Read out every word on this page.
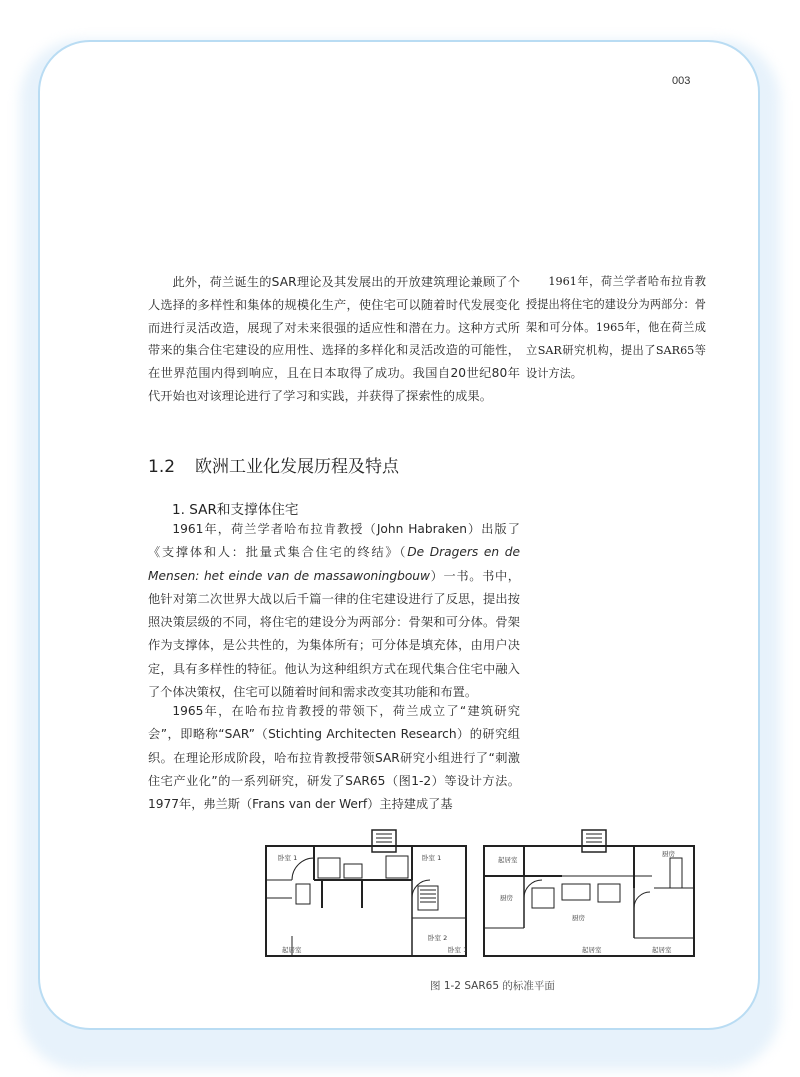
003

此外，荷兰诞生的SAR理论及其发展出的开放建筑理论兼顾了个人选择的多样性和集体的规模化生产，使住宅可以随着时代发展变化而进行灵活改造，展现了对未来很强的适应性和潜在力。这种方式所带来的集合住宅建设的应用性、选择的多样化和灵活改造的可能性，在世界范围内得到响应，且在日本取得了成功。我国自20世纪80年代开始也对该理论进行了学习和实践，并获得了探索性的成果。

1961年，荷兰学者哈布拉肯教授提出将住宅的建设分为两部分：骨架和可分体。1965年，他在荷兰成立SAR研究机构，提出了SAR65等设计方法。

1.2 欧洲工业化发展历程及特点
1. SAR和支撑体住宅

1961年，荷兰学者哈布拉肯教授（John Habraken）出版了《支撑体和人：批量式集合住宅的终结》（De Dragers en de Mensen: het einde van de massawoningbouw）一书。书中，他针对第二次世界大战以后千篇一律的住宅建设进行了反思，提出按照决策层级的不同，将住宅的建设分为两部分：骨架和可分体。骨架作为支撑体，是公共性的，为集体所有；可分体是填充体，由用户决定，具有多样性的特征。他认为这种组织方式在现代集合住宅中融入了个体决策权，住宅可以随着时间和需求改变其功能和布置。

1965年，在哈布拉肯教授的带领下，荷兰成立了“建筑研究会”，即略称“SAR”（Stichting Architecten Research）的研究组织。在理论形成阶段，哈布拉肯教授带领SAR研究小组进行了“刺激住宅产业化”的一系列研究，研发了SAR65（图1-2）等设计方法。1977年，弗兰斯（Frans van der Werf）主持建成了基

卧室 1	卧室 1
卧室 2
起居室	卧室 1
起居室
厨房
厨房
厨房
起居室	起居室
图 1-2 SAR65 的标准平面
